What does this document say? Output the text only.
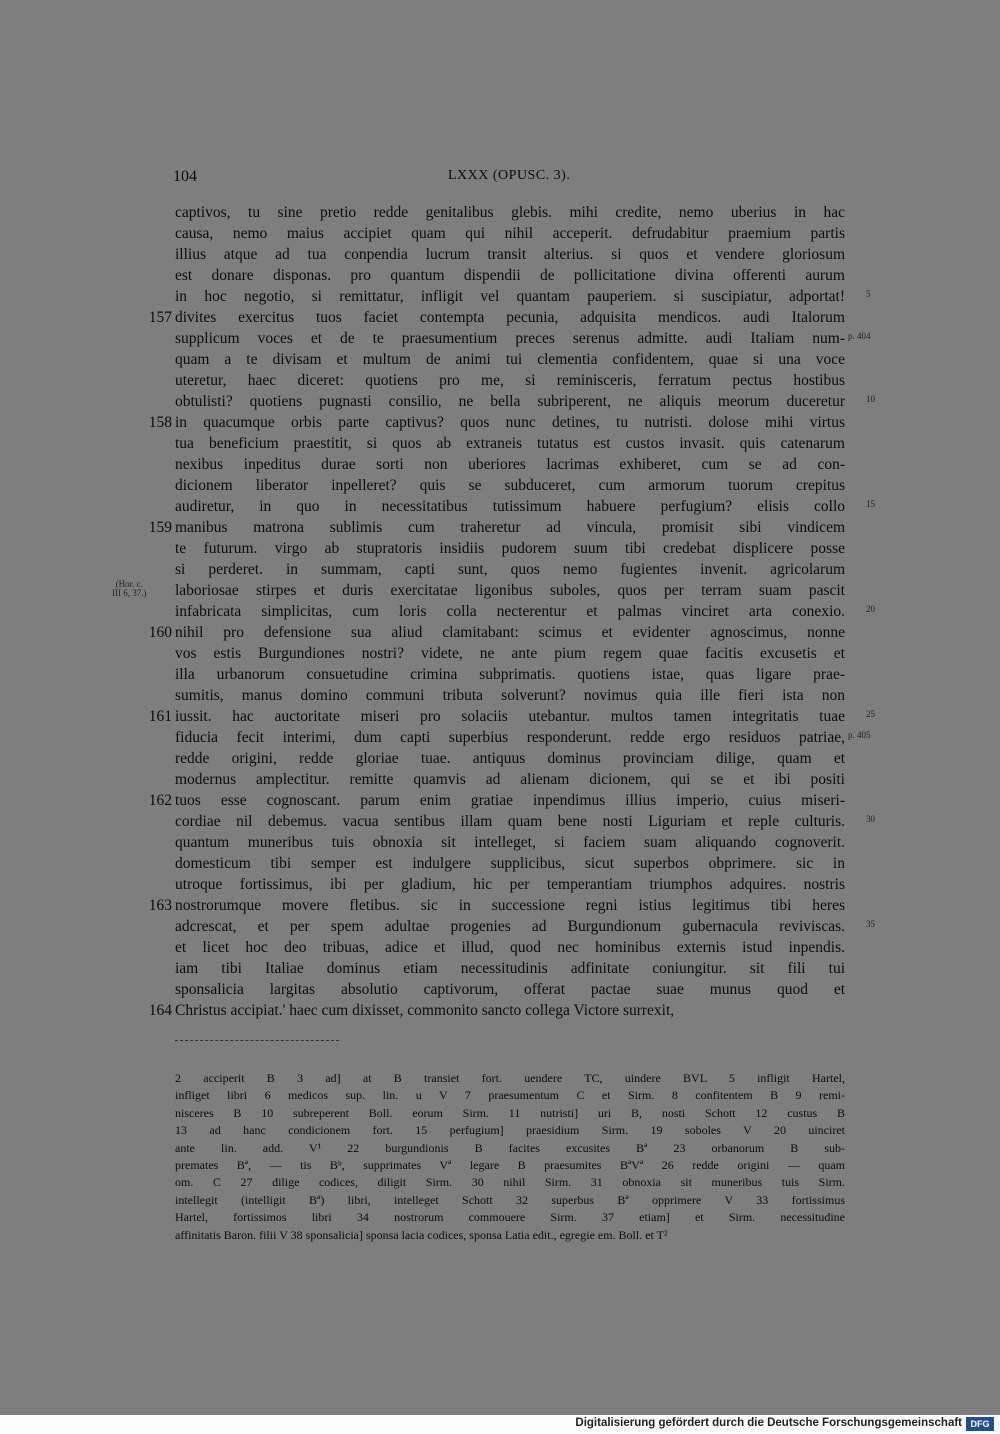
104	LXXX (OPUSC. 3).
captivos, tu sine pretio redde genitalibus glebis. mihi credite, nemo uberius in hac
causa, nemo maius accipiet quam qui nihil acceperit. defrudabitur praemium partis
illius atque ad tua conpendia lucrum transit alterius. si quos et vendere gloriosum
est donare disponas. pro quantum dispendii de pollicitatione divina offerenti aurum
in hoc negotio, si remittatur, infligit vel quantam pauperiem. si suscipiatur, adportat! 5
157 divites exercitus tuos faciet contempta pecunia, adquisita mendicos. audi Italorum
supplicum voces et de te praesumentium preces serenus admitte. audi Italiam num- p. 404
quam a te divisam et multum de animi tui clementia confidentem, quae si una voce
uteretur, haec diceret: quotiens pro me, si reminisceris, ferratum pectus hostibus
obtulisti? quotiens pugnasti consilio, ne bella subriperent, ne aliquis meorum duceretur 10
158 in quacumque orbis parte captivus? quos nunc detines, tu nutristi. dolose mihi virtus
tua beneficium praestitit, si quos ab extraneis tutatus est custos invasit. quis catenarum
nexibus inpeditus durae sorti non uberiores lacrimas exhiberet, cum se ad con-
dicionem liberator inpelleret? quis se subduceret, cum armorum tuorum crepitus
audiretur, in quo in necessitatibus tutissimum habuere perfugium? elisis collo 15
159 manibus matrona sublimis cum traheretur ad vincula, promisit sibi vindicem
te futurum. virgo ab stupratoris insidiis pudorem suum tibi credebat displicere posse
si perderet. in summam, capti sunt, quos nemo fugientes invenit. agricolarum
(Hor. c.
III 6, 37.) laboriosae stirpes et duris exercitatae ligonibus suboles, quos per terram suam pascit
infabricata simplicitas, cum loris colla necterentur et palmas vinciret arta conexio. 20
160 nihil pro defensione sua aliud clamitabant: scimus et evidenter agnoscimus, nonne
vos estis Burgundiones nostri? videte, ne ante pium regem quae facitis excusetis et
illa urbanorum consuetudine crimina subprimatis. quotiens istae, quas ligare prae-
sumitis, manus domino communi tributa solverunt? novimus quia ille fieri ista non
161 iussit. hac auctoritate miseri pro solaciis utebantur. multos tamen integritatis tuae 25
fiducia fecit interimi, dum capti superbius responderunt. redde ergo residuos patriae, p. 405
redde origini, redde gloriae tuae. antiquus dominus provinciam dilige, quam et
modernus amplectitur. remitte quamvis ad alienam dicionem, qui se et ibi positi
162 tuos esse cognoscant. parum enim gratiae inpendimus illius imperio, cuius miseri-
cordiae nil debemus. vacua sentibus illam quam bene nosti Liguriam et reple culturis. 30
quantum muneribus tuis obnoxia sit intelleget, si faciem suam aliquando cognoverit.
domesticum tibi semper est indulgere supplicibus, sicut superbos obprimere. sic in
utroque fortissimus, ibi per gladium, hic per temperantiam triumphos adquires. nostris
163 nostrorumque movere fletibus. sic in successione regni istius legitimus tibi heres
adcrescat, et per spem adultae progenies ad Burgundionum gubernacula reviviscas. 35
et licet hoc deo tribuas, adice et illud, quod nec hominibus externis istud inpendis.
iam tibi Italiae dominus etiam necessitudinis adfinitate coniungitur. sit fili tui
sponsalicia largitas absolutio captivorum, offerat pactae suae munus quod et
164 Christus accipiat.' haec cum dixisset, commonito sancto collega Victore surrexit,
2 acciperit B 3 ad] at B transiet fort. uendere TC, uindere BVL 5 infligit Hartel,
infliget libri 6 medicos sup. lin. u V 7 praesumentum C et Sirm. 8 confitentem B 9 remi-
nisceres B 10 subreperent Boll. eorum Sirm. 11 nutristi] uri B, nosti Schott 12 custus B
13 ad hanc condicionem fort. 15 perfugium] praesidium Sirm. 19 soboles V 20 uinciret
ante lin. add. V¹ 22 burgundionis B facites excusites Bª 23 orbanorum B sub-
premates Bª, — tis Bᵇ, supprimates Vª legare B praesumites BªVª 26 redde origini — quam
om. C 27 dilige codices, diligit Sirm. 30 nihil Sirm. 31 obnoxia sit muneribus tuis Sirm.
intellegit (intelligit Bª) libri, intelleget Schott 32 superbus Bª opprimere V 33 fortissimus
Hartel, fortissimos libri 34 nostrorum commouere Sirm. 37 etiam] et Sirm. necessitudine
affinitatis Baron. filii V 38 sponsalicia] sponsa lacia codices, sponsa Latia edit., egregie em. Boll. et T²
Digitalisierung gefördert durch die Deutsche Forschungsgemeinschaft DFG
